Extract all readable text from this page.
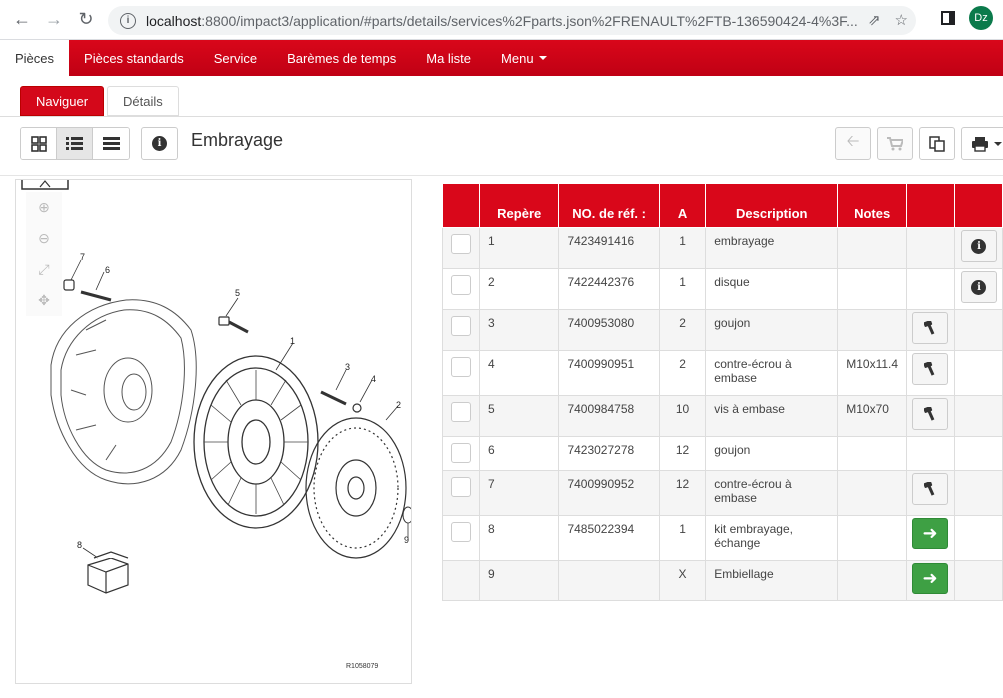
← → ↻	i	localhost :8800/impact3/application/#parts/details/services%2Fparts.json%2FRENAULT%2FTB-136590424-4%3F... ⇗ ☆	Dz
Pièces	Pièces standards	Service	Barèmes de temps	Ma liste	Menu
Naviguer	Détails
i	Embrayage	🡠
7
6
5
1
3
4
2
8	9
⊕
⊖
⤢
✥
R1058079
	Repère	NO. de réf. :	A	Description	Notes		

	1	7423491416	1	embrayage			i

	2	7422442376	1	disque			i

	3	7400953080	2	goujon		

	4	7400990951	2	contre-écrou à embase	M10x11.4	

	5	7400984758	10	vis à embase	M10x70	

	6	7423027278	12	goujon			

	7	7400990952	12	contre-écrou à embase		

	8	7485022394	1	kit embrayage, échange		➜	

	9		X	Embiellage		➜	
